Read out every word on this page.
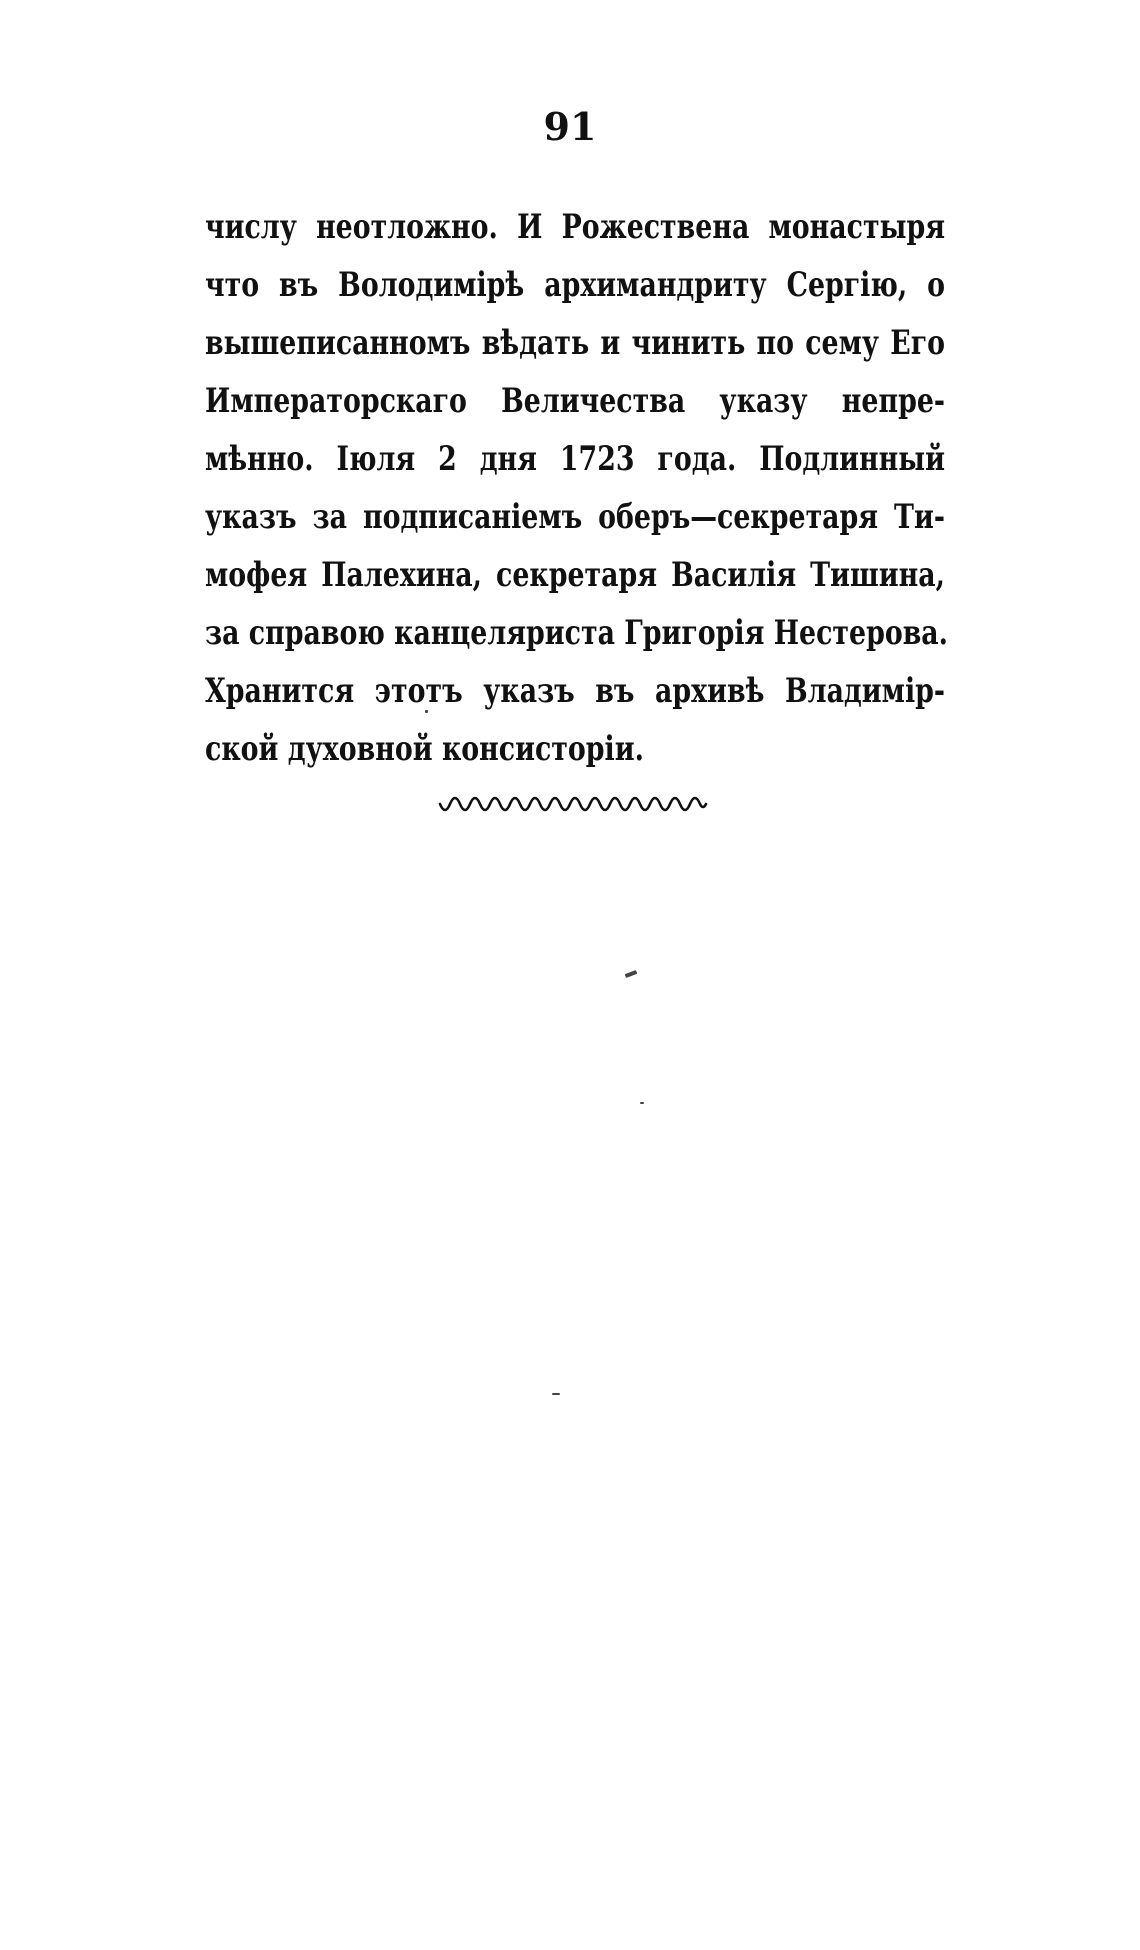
91
числу неотложно. И Рожествена монастыря
что въ Володимірѣ архимандриту Сергію, о
вышеписанномъ вѣдать и чинить по сему Его
Императорскаго Величества указу непре-
мѣнно. Іюля 2 дня 1723 года. Подлинный
указъ за подписаніемъ оберъ—секретаря Ти-
мофея Палехина, секретаря Василія Тишина,
за справою канцеляриста Григорія Нестерова.
Хранится этотъ указъ въ архивѣ Владимір-
ской духовной консисторіи.
